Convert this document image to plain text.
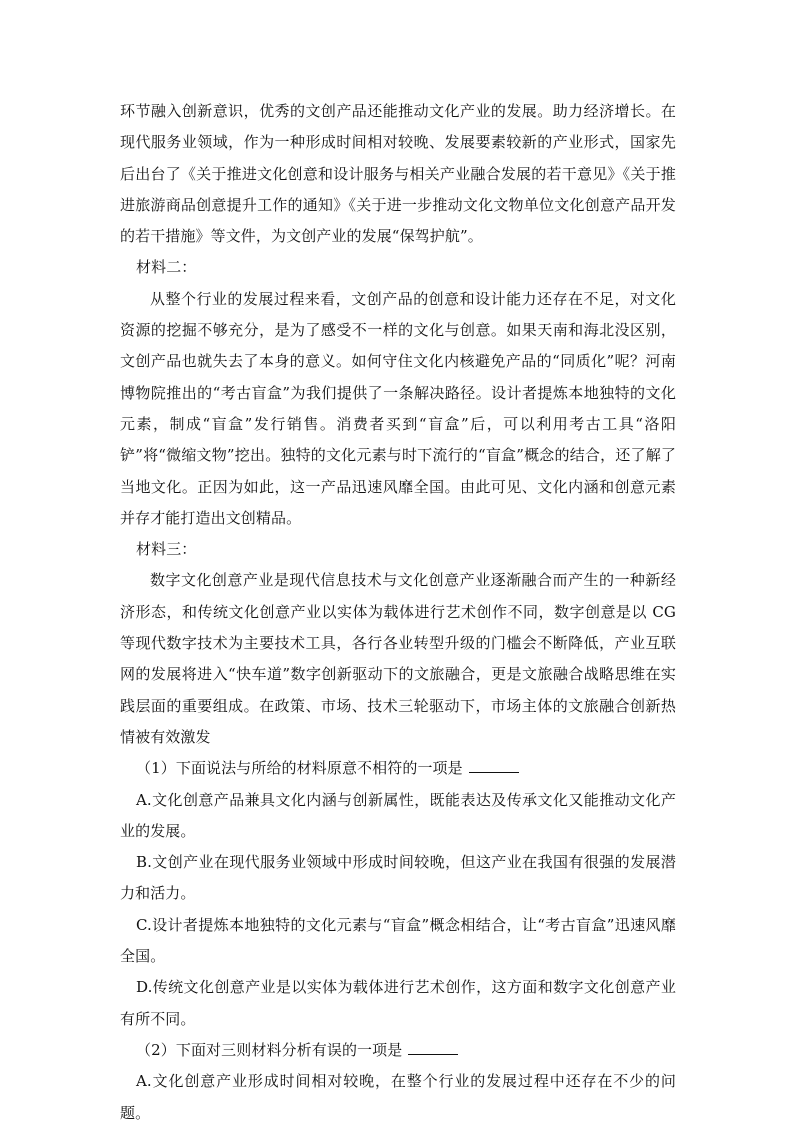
环节融入创新意识，优秀的文创产品还能推动文化产业的发展。助力经济增长。在现代服务业领域，作为一种形成时间相对较晚、发展要素较新的产业形式，国家先后出台了《关于推进文化创意和设计服务与相关产业融合发展的若干意见》《关于推进旅游商品创意提升工作的通知》《关于进一步推动文化文物单位文化创意产品开发的若干措施》等文件，为文创产业的发展“保驾护航”。

材料二：

从整个行业的发展过程来看，文创产品的创意和设计能力还存在不足，对文化资源的挖掘不够充分，是为了感受不一样的文化与创意。如果天南和海北没区别，文创产品也就失去了本身的意义。如何守住文化内核避免产品的“同质化”呢？河南博物院推出的“考古盲盒”为我们提供了一条解决路径。设计者提炼本地独特的文化元素，制成“盲盒”发行销售。消费者买到“盲盒”后，可以利用考古工具“洛阳铲”将“微缩文物”挖出。独特的文化元素与时下流行的“盲盒”概念的结合，还了解了当地文化。正因为如此，这一产品迅速风靡全国。由此可见、文化内涵和创意元素并存才能打造出文创精品。

材料三：

数字文化创意产业是现代信息技术与文化创意产业逐渐融合而产生的一种新经济形态，和传统文化创意产业以实体为载体进行艺术创作不同，数字创意是以 CG 等现代数字技术为主要技术工具，各行各业转型升级的门槛会不断降低，产业互联网的发展将进入“快车道”数字创新驱动下的文旅融合，更是文旅融合战略思维在实践层面的重要组成。在政策、市场、技术三轮驱动下，市场主体的文旅融合创新热情被有效激发

（1）下面说法与所给的材料原意不相符的一项是

A.文化创意产品兼具文化内涵与创新属性，既能表达及传承文化又能推动文化产业的发展。

B.文创产业在现代服务业领域中形成时间较晚，但这产业在我国有很强的发展潜力和活力。

C.设计者提炼本地独特的文化元素与“盲盒”概念相结合，让“考古盲盒”迅速风靡全国。

D.传统文化创意产业是以实体为载体进行艺术创作，这方面和数字文化创意产业有所不同。

（2）下面对三则材料分析有误的一项是

A.文化创意产业形成时间相对较晚，在整个行业的发展过程中还存在不少的问题。
